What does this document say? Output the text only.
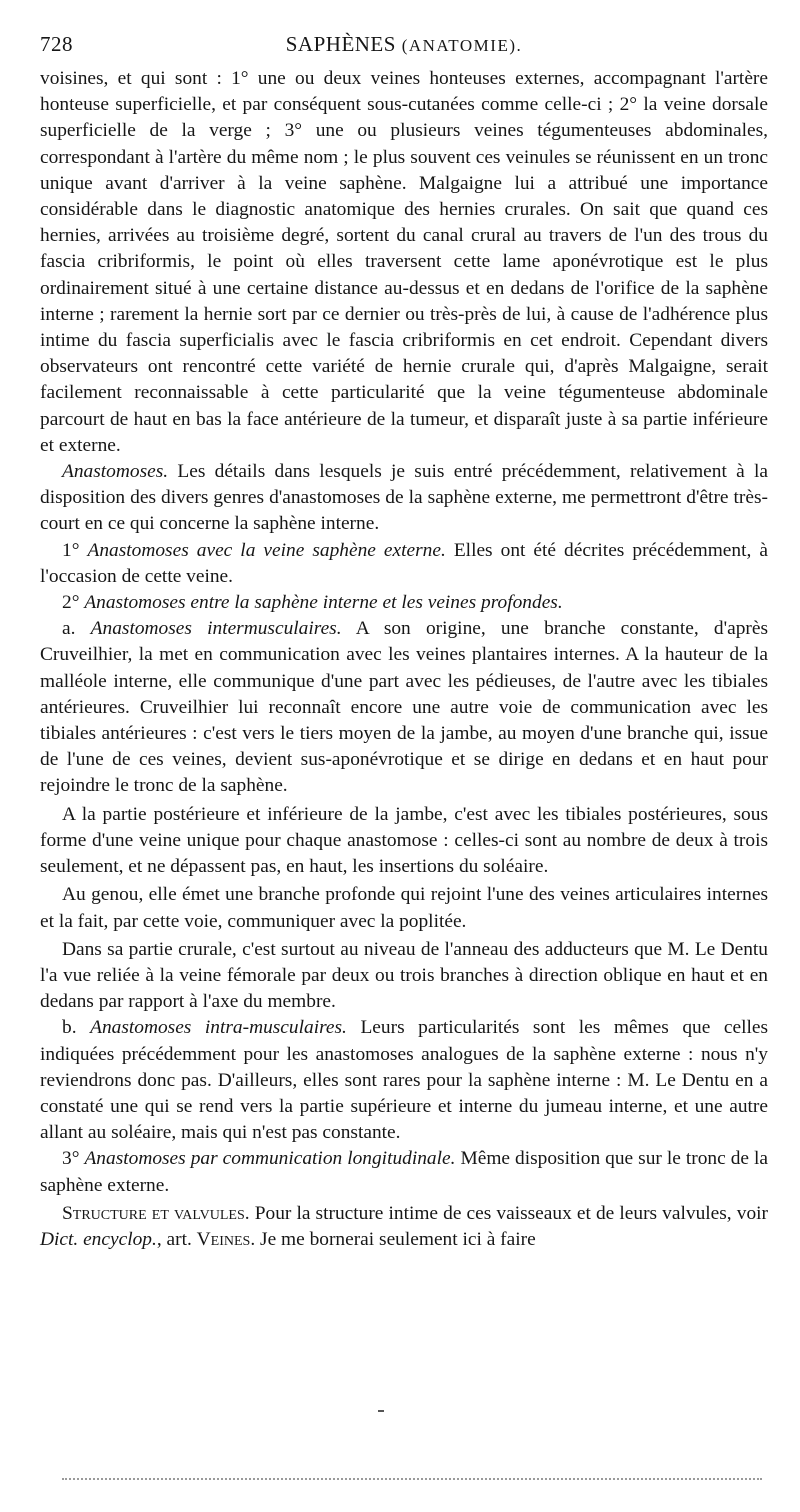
728	SAPHÈNES (ANATOMIE).

voisines, et qui sont : 1° une ou deux veines honteuses externes, accompagnant l'artère honteuse superficielle, et par conséquent sous-cutanées comme celle-ci ; 2° la veine dorsale superficielle de la verge ; 3° une ou plusieurs veines tégumenteuses abdominales, correspondant à l'artère du même nom ; le plus souvent ces veinules se réunissent en un tronc unique avant d'arriver à la veine saphène. Malgaigne lui a attribué une importance considérable dans le diagnostic anatomique des hernies crurales. On sait que quand ces hernies, arrivées au troisième degré, sortent du canal crural au travers de l'un des trous du fascia cribriformis, le point où elles traversent cette lame aponévrotique est le plus ordinairement situé à une certaine distance au-dessus et en dedans de l'orifice de la saphène interne ; rarement la hernie sort par ce dernier ou très-près de lui, à cause de l'adhérence plus intime du fascia superficialis avec le fascia cribriformis en cet endroit. Cependant divers observateurs ont rencontré cette variété de hernie crurale qui, d'après Malgaigne, serait facilement reconnaissable à cette particularité que la veine tégumenteuse abdominale parcourt de haut en bas la face antérieure de la tumeur, et disparaît juste à sa partie inférieure et externe.

Anastomoses. Les détails dans lesquels je suis entré précédemment, relativement à la disposition des divers genres d'anastomoses de la saphène externe, me permettront d'être très-court en ce qui concerne la saphène interne.

1° Anastomoses avec la veine saphène externe. Elles ont été décrites précédemment, à l'occasion de cette veine.

2° Anastomoses entre la saphène interne et les veines profondes.

a. Anastomoses intermusculaires. A son origine, une branche constante, d'après Cruveilhier, la met en communication avec les veines plantaires internes. A la hauteur de la malléole interne, elle communique d'une part avec les pédieuses, de l'autre avec les tibiales antérieures. Cruveilhier lui reconnaît encore une autre voie de communication avec les tibiales antérieures : c'est vers le tiers moyen de la jambe, au moyen d'une branche qui, issue de l'une de ces veines, devient sus-aponévrotique et se dirige en dedans et en haut pour rejoindre le tronc de la saphène.

A la partie postérieure et inférieure de la jambe, c'est avec les tibiales postérieures, sous forme d'une veine unique pour chaque anastomose : celles-ci sont au nombre de deux à trois seulement, et ne dépassent pas, en haut, les insertions du soléaire.

Au genou, elle émet une branche profonde qui rejoint l'une des veines articulaires internes et la fait, par cette voie, communiquer avec la poplitée.

Dans sa partie crurale, c'est surtout au niveau de l'anneau des adducteurs que M. Le Dentu l'a vue reliée à la veine fémorale par deux ou trois branches à direction oblique en haut et en dedans par rapport à l'axe du membre.

b. Anastomoses intra-musculaires. Leurs particularités sont les mêmes que celles indiquées précédemment pour les anastomoses analogues de la saphène externe : nous n'y reviendrons donc pas. D'ailleurs, elles sont rares pour la saphène interne : M. Le Dentu en a constaté une qui se rend vers la partie supérieure et interne du jumeau interne, et une autre allant au soléaire, mais qui n'est pas constante.

3° Anastomoses par communication longitudinale. Même disposition que sur le tronc de la saphène externe.

Structure et valvules. Pour la structure intime de ces vaisseaux et de leurs valvules, voir Dict. encyclop., art. Veines. Je me bornerai seulement ici à faire
